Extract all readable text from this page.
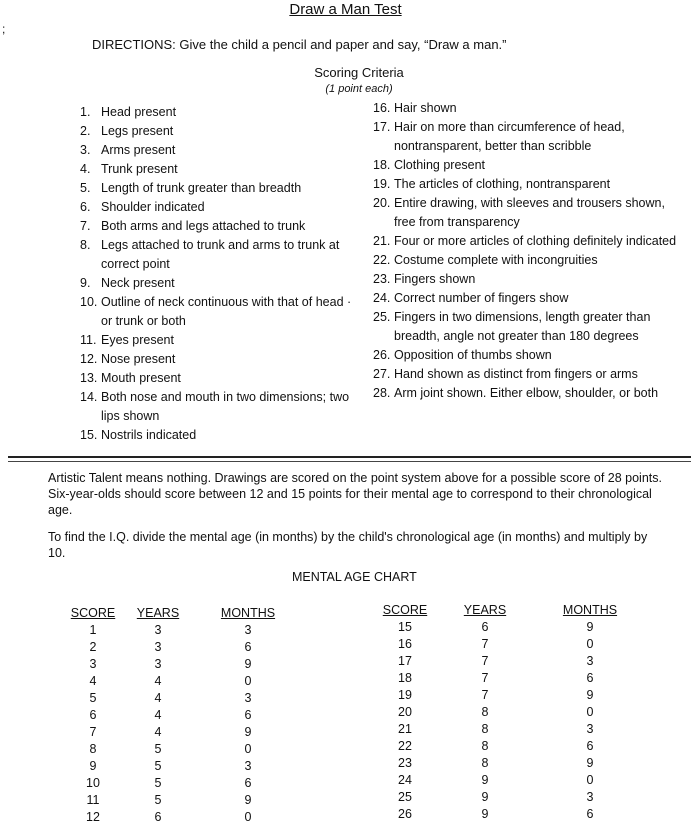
;
Draw a Man Test
DIRECTIONS: Give the child a pencil and paper and say, “Draw a man.”
Scoring Criteria
(1 point each)
1. Head present
2. Legs present
3. Arms present
4. Trunk present
5. Length of trunk greater than breadth
6. Shoulder indicated
7. Both arms and legs attached to trunk
8. Legs attached to trunk and arms to trunk at correct point
9. Neck present
10. Outline of neck continuous with that of head · or trunk or both
11. Eyes present
12. Nose present
13. Mouth present
14. Both nose and mouth in two dimensions; two lips shown
15. Nostrils indicated
16. Hair shown
17. Hair on more than circumference of head, nontransparent, better than scribble
18. Clothing present
19. The articles of clothing, nontransparent
20. Entire drawing, with sleeves and trousers shown, free from transparency
21. Four or more articles of clothing definitely indicated
22. Costume complete with incongruities
23. Fingers shown
24. Correct number of fingers show
25. Fingers in two dimensions, length greater than breadth, angle not greater than 180 degrees
26. Opposition of thumbs shown
27. Hand shown as distinct from fingers or arms
28. Arm joint shown. Either elbow, shoulder, or both
Artistic Talent means nothing. Drawings are scored on the point system above for a possible score of 28 points. Six-year-olds should score between 12 and 15 points for their mental age to correspond to their chronological age.
To find the I.Q. divide the mental age (in months) by the child's chronological age (in months) and multiply by 10.
MENTAL AGE CHART
SCORE	YEARS	MONTHS
1	3	3
2	3	6
3	3	9
4	4	0
5	4	3
6	4	6
7	4	9
8	5	0
9	5	3
10	5	6
11	5	9
12	6	0
SCORE	YEARS	MONTHS
15	6	9
16	7	0
17	7	3
18	7	6
19	7	9
20	8	0
21	8	3
22	8	6
23	8	9
24	9	0
25	9	3
26	9	6
